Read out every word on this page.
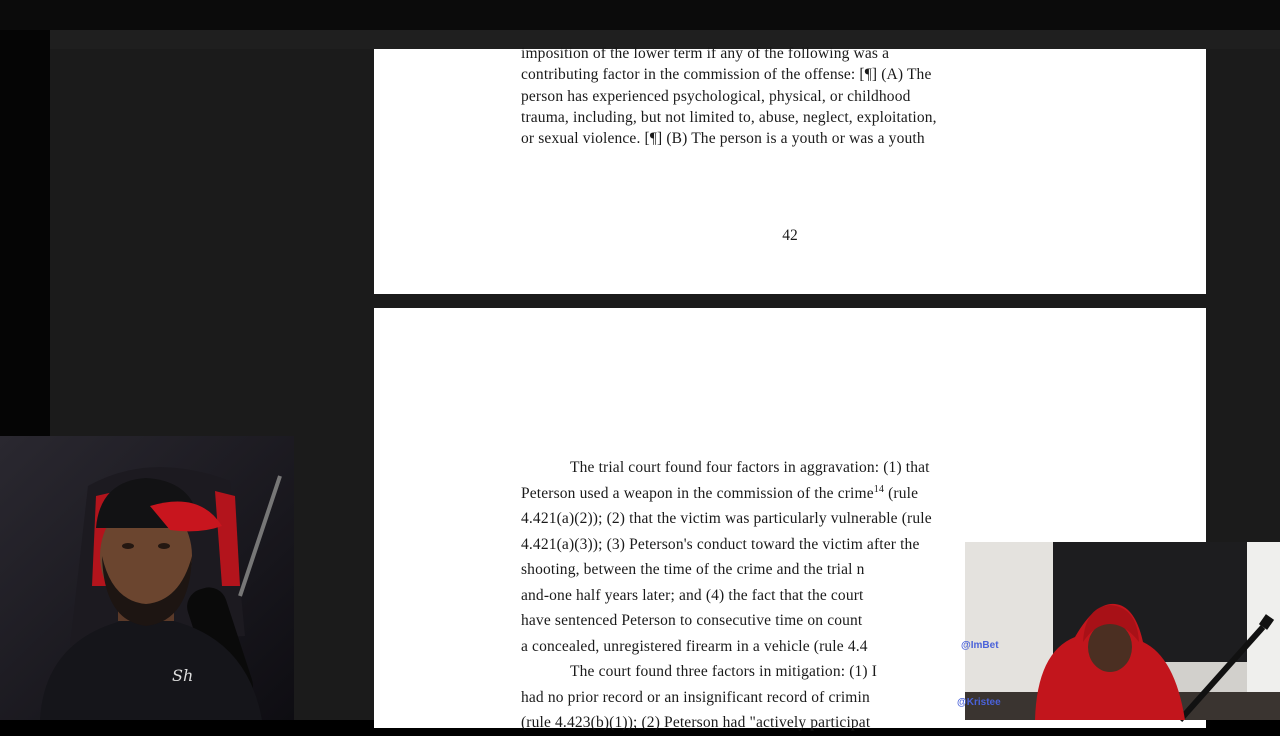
imposition of the lower term if any of the following was a
contributing factor in the commission of the offense: [¶] (A) The
person has experienced psychological, physical, or childhood
trauma, including, but not limited to, abuse, neglect, exploitation,
or sexual violence. [¶] (B) The person is a youth or was a youth
42
The trial court found four factors in aggravation: (1) that
Peterson used a weapon in the commission of the crime$^{14}$ (rule
4.421(a)(2)); (2) that the victim was particularly vulnerable (rule
4.421(a)(3)); (3) Peterson's conduct toward the victim after the
shooting, between the time of the crime and the trial n
and-one half years later; and (4) the fact that the court
have sentenced Peterson to consecutive time on count
a concealed, unregistered firearm in a vehicle (rule 4.4
The court found three factors in mitigation: (1) I
had no prior record or an insignificant record of crimin
(rule 4.423(b)(1)); (2) Peterson had "actively participat
Sh
@ImBet
@Kristee
